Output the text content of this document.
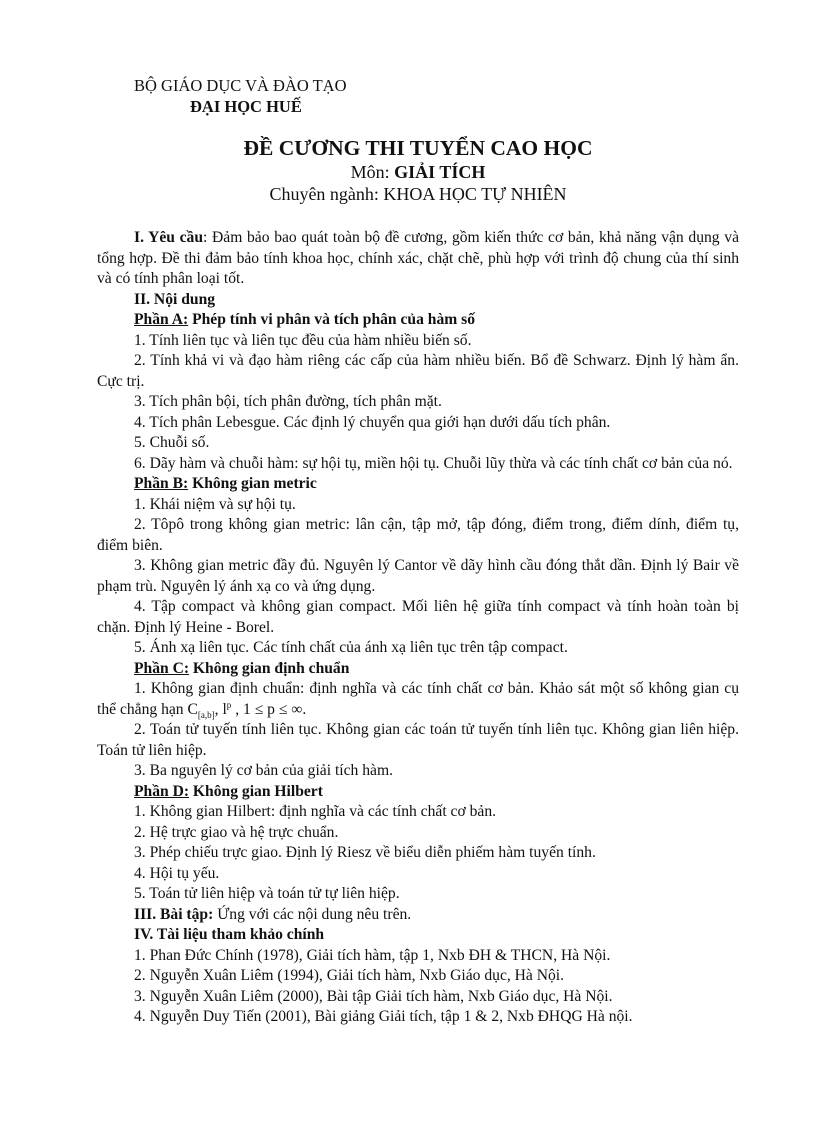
BỘ GIÁO DỤC VÀ ĐÀO TẠO
ĐẠI HỌC HUẾ
ĐỀ CƯƠNG THI TUYỂN CAO HỌC
Môn: GIẢI TÍCH
Chuyên ngành: KHOA HỌC TỰ NHIÊN

I. Yêu cầu: Đảm bảo bao quát toàn bộ đề cương, gồm kiến thức cơ bản, khả năng vận dụng và tổng hợp. Đề thi đảm bảo tính khoa học, chính xác, chặt chẽ, phù hợp với trình độ chung của thí sinh và có tính phân loại tốt.

II. Nội dung

Phần A: Phép tính vi phân và tích phân của hàm số

1. Tính liên tục và liên tục đều của hàm nhiều biến số.

2. Tính khả vi và đạo hàm riêng các cấp của hàm nhiều biến. Bổ đề Schwarz. Định lý hàm ẩn. Cực trị.

3. Tích phân bội, tích phân đường, tích phân mặt.

4. Tích phân Lebesgue. Các định lý chuyển qua giới hạn dưới dấu tích phân.

5. Chuỗi số.

6. Dãy hàm và chuỗi hàm: sự hội tụ, miền hội tụ. Chuỗi lũy thừa và các tính chất cơ bản của nó.

Phần B: Không gian metric

1. Khái niệm và sự hội tụ.

2. Tôpô trong không gian metric: lân cận, tập mở, tập đóng, điểm trong, điểm dính, điểm tụ, điểm biên.

3. Không gian metric đầy đủ. Nguyên lý Cantor về dãy hình cầu đóng thắt dần. Định lý Bair về phạm trù. Nguyên lý ánh xạ co và ứng dụng.

4. Tập compact và không gian compact. Mối liên hệ giữa tính compact và tính hoàn toàn bị chặn. Định lý Heine - Borel.

5. Ánh xạ liên tục. Các tính chất của ánh xạ liên tục trên tập compact.

Phần C: Không gian định chuẩn

1. Không gian định chuẩn: định nghĩa và các tính chất cơ bản. Khảo sát một số không gian cụ thể chẳng hạn $C_{[a,b]}$, $l^p$ , 1 ≤ p ≤ ∞.

2. Toán tử tuyến tính liên tục. Không gian các toán tử tuyến tính liên tục. Không gian liên hiệp. Toán tử liên hiệp.

3. Ba nguyên lý cơ bản của giải tích hàm.

Phần D: Không gian Hilbert

1. Không gian Hilbert: định nghĩa và các tính chất cơ bản.

2. Hệ trực giao và hệ trực chuẩn.

3. Phép chiếu trực giao. Định lý Riesz về biểu diễn phiếm hàm tuyến tính.

4. Hội tụ yếu.

5. Toán tử liên hiệp và toán tử tự liên hiệp.

III. Bài tập: Ứng với các nội dung nêu trên.

IV. Tài liệu tham khảo chính

1. Phan Đức Chính (1978), Giải tích hàm, tập 1, Nxb ĐH & THCN, Hà Nội.

2. Nguyễn Xuân Liêm (1994), Giải tích hàm, Nxb Giáo dục, Hà Nội.

3. Nguyễn Xuân Liêm (2000), Bài tập Giải tích hàm, Nxb Giáo dục, Hà Nội.

4. Nguyễn Duy Tiến (2001), Bài giảng Giải tích, tập 1 & 2, Nxb ĐHQG Hà nội.
